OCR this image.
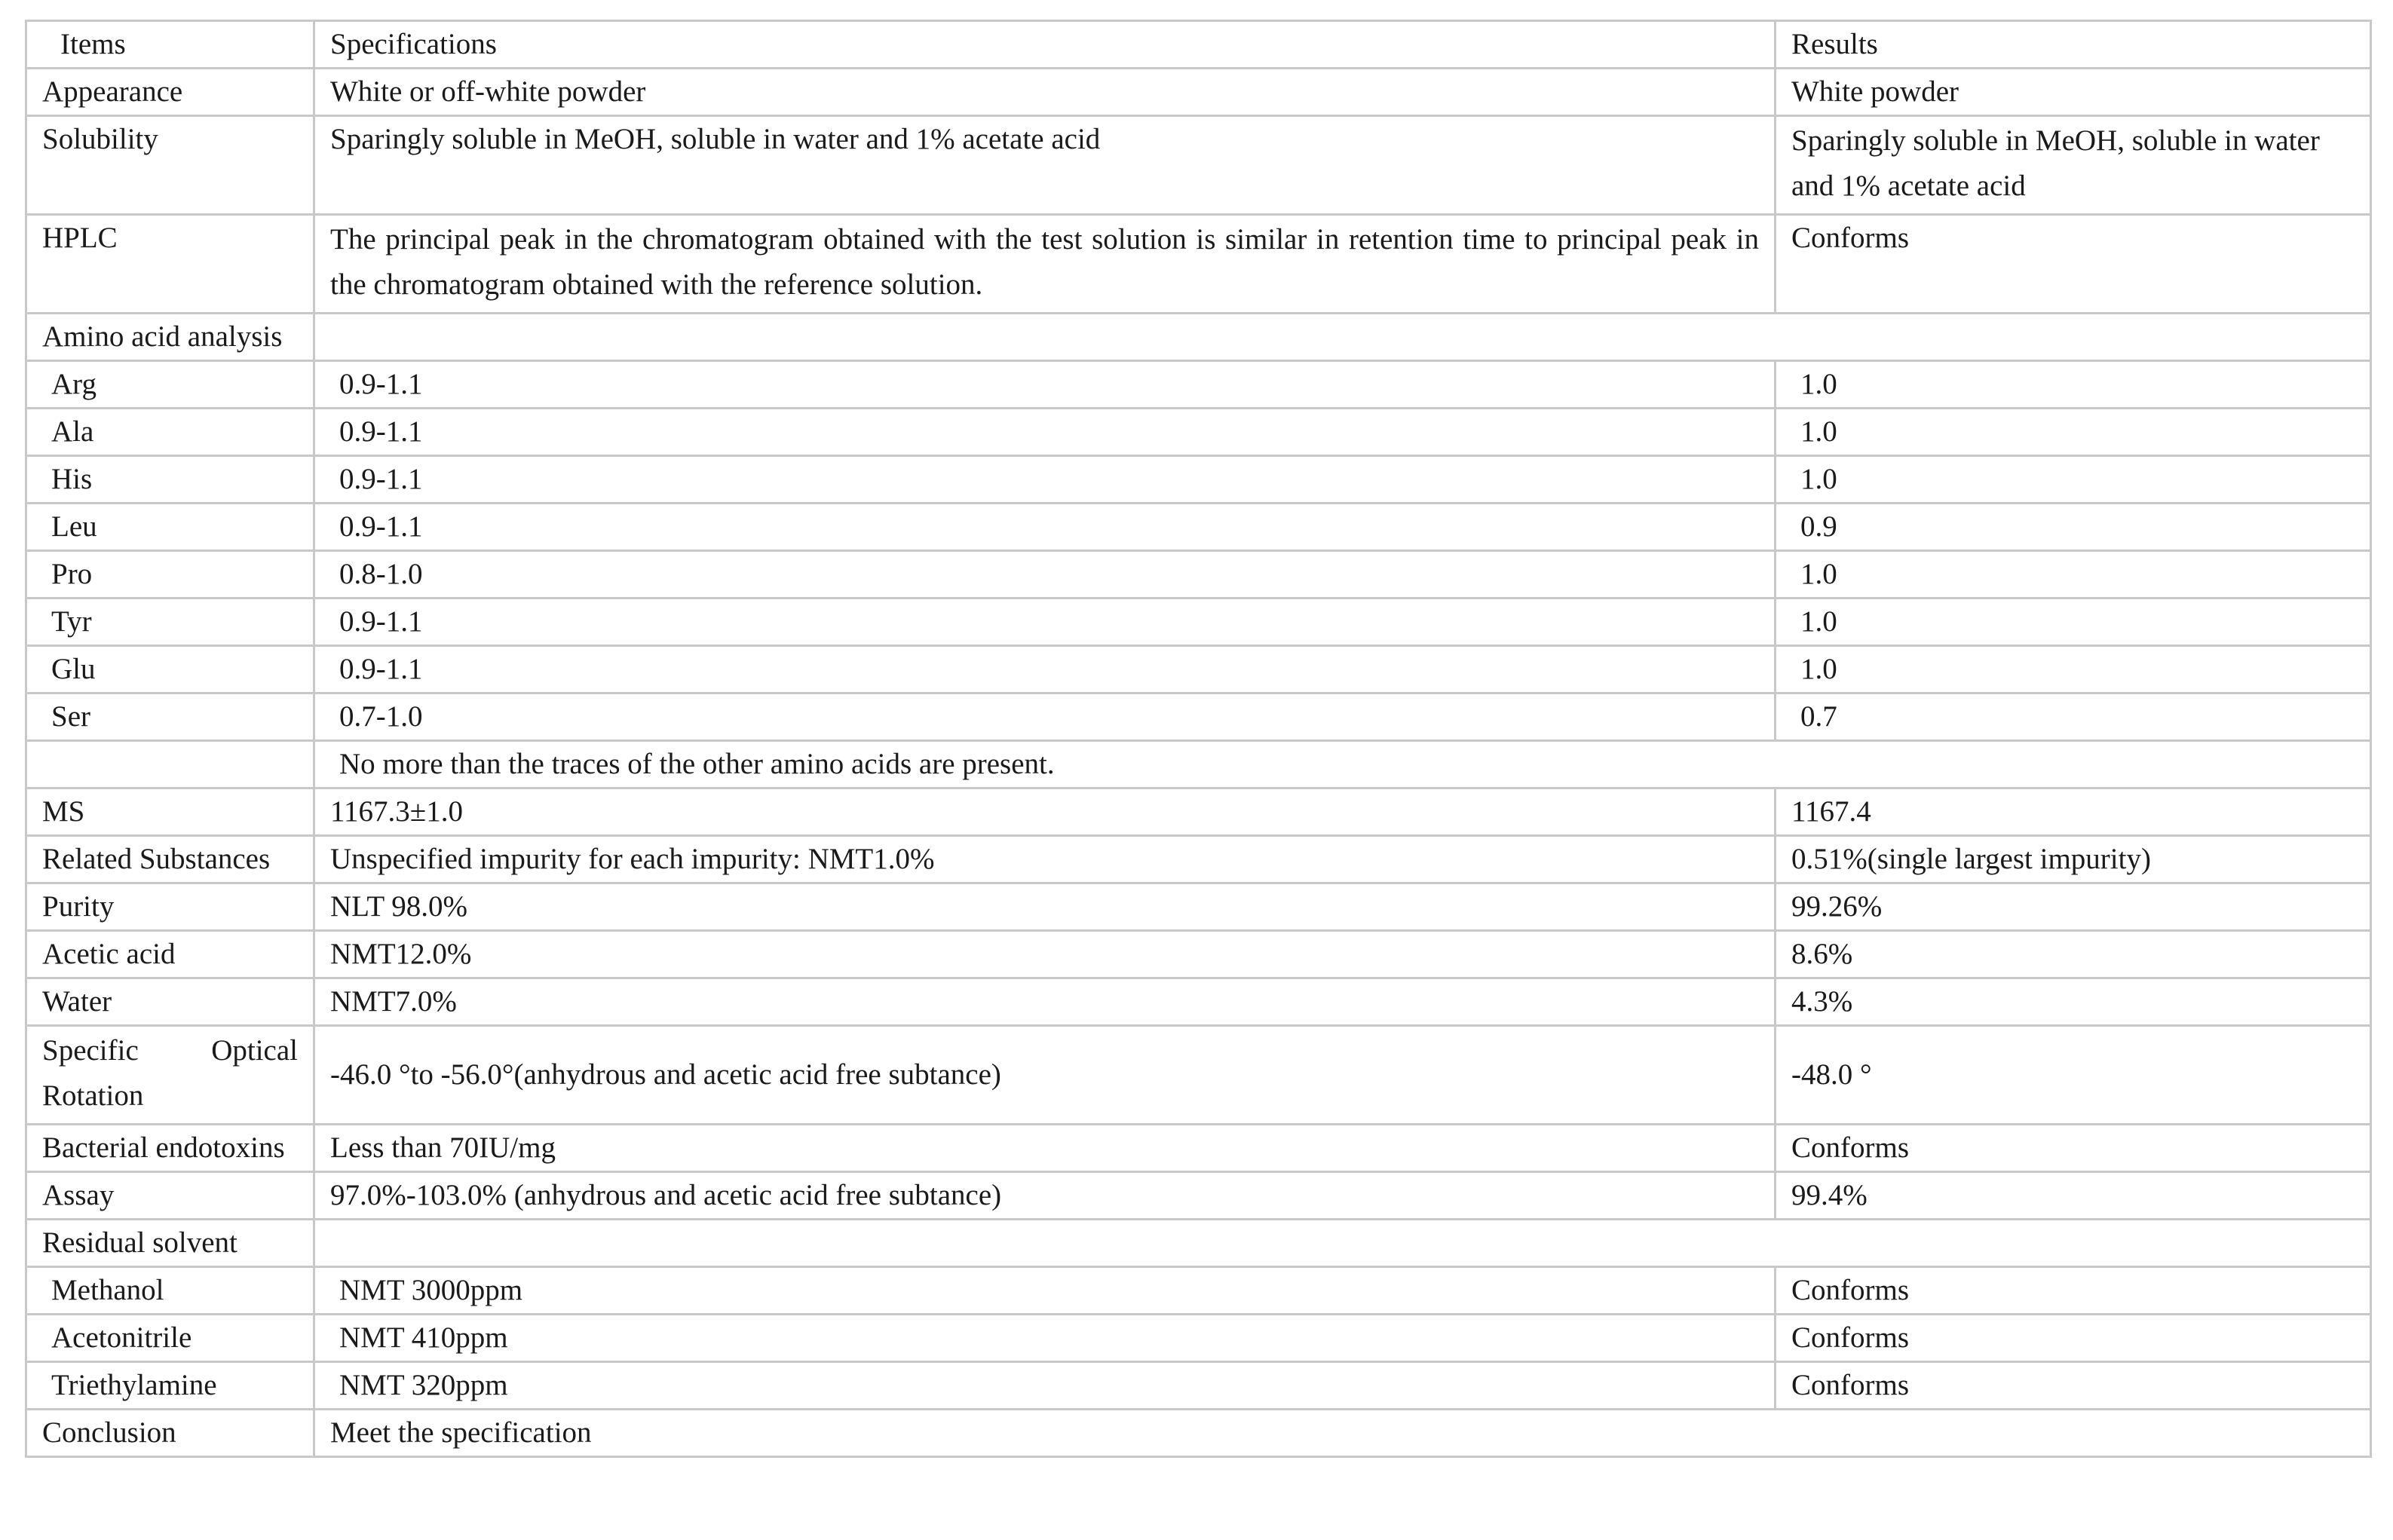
Items	Specifications	Results
Appearance	White or off-white powder	White powder
Solubility	Sparingly soluble in MeOH, soluble in water and 1% acetate acid	Sparingly soluble in MeOH, soluble in water and 1% acetate acid
HPLC	The principal peak in the chromatogram obtained with the test solution is similar in retention time to principal peak in the chromatogram obtained with the reference solution.	Conforms
Amino acid analysis		
Arg	0.9-1.1	1.0
Ala	0.9-1.1	1.0
His	0.9-1.1	1.0
Leu	0.9-1.1	0.9
Pro	0.8-1.0	1.0
Tyr	0.9-1.1	1.0
Glu	0.9-1.1	1.0
Ser	0.7-1.0	0.7
	No more than the traces of the other amino acids are present.	
MS	1167.3±1.0	1167.4
Related Substances	Unspecified impurity for each impurity: NMT1.0%	0.51%(single largest impurity)
Purity	NLT 98.0%	99.26%
Acetic acid	NMT12.0%	8.6%
Water	NMT7.0%	4.3%
Specific Optical Rotation	-46.0 °to -56.0°(anhydrous and acetic acid free subtance)	-48.0 °
Bacterial endotoxins	Less than 70IU/mg	Conforms
Assay	97.0%-103.0% (anhydrous and acetic acid free subtance)	99.4%
Residual solvent		
Methanol	NMT 3000ppm	Conforms
Acetonitrile	NMT 410ppm	Conforms
Triethylamine	NMT 320ppm	Conforms
Conclusion	Meet the specification	
